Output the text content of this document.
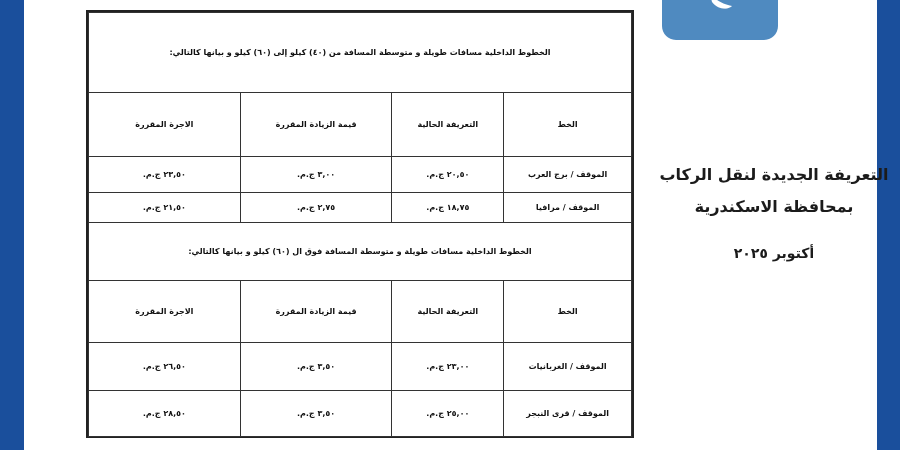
الخطوط الداخلية مسافات طويلة و متوسطة المسافة من (٤٠) كيلو إلى (٦٠) كيلو و بيانها كالتالي:			
الخط	التعريفة الحالية	قيمة الزيادة المقررة	الاجرة المقررة
الموقف / برج العرب	٢٠,٥٠ ج.م.	٣,٠٠ ج.م.	٢٣,٥٠ ج.م.
الموقف / مرافيا	١٨,٧٥ ج.م.	٢,٧٥ ج.م.	٢١,٥٠ ج.م.
الخطوط الداخلية مسافات طويلة و متوسطة المسافة فوق ال (٦٠) كيلو و بيانها كالتالي:			
الخط	التعريفة الحالية	قيمة الزيادة المقررة	الاجرة المقررة
الموقف / الغربانيات	٢٣,٠٠ ج.م.	٣,٥٠ ج.م.	٢٦,٥٠ ج.م.
الموقف / قرى النبجر	٢٥,٠٠ ج.م.	٣,٥٠ ج.م.	٢٨,٥٠ ج.م.
التعريفة الجديدة لنقل الركاب
بمحافظة الاسكندرية
أكتوبر ٢٠٢٥
